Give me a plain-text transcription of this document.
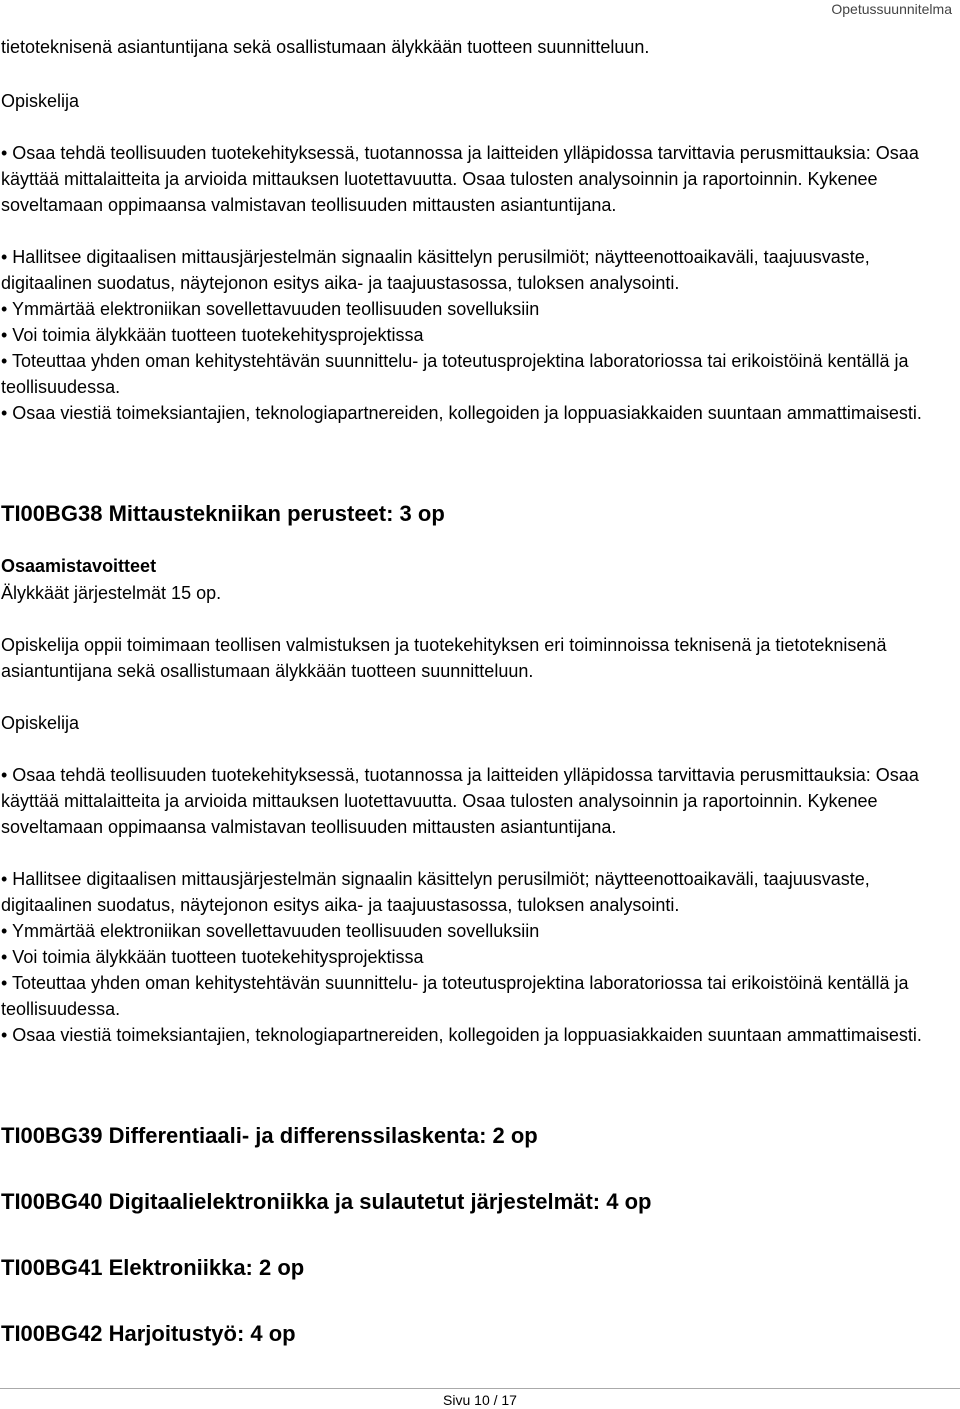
Opetussuunnitelma

tietoteknisenä asiantuntijana sekä osallistumaan älykkään tuotteen suunnitteluun.

Opiskelija

• Osaa tehdä teollisuuden tuotekehityksessä, tuotannossa ja laitteiden ylläpidossa tarvittavia perusmittauksia: Osaa käyttää mittalaitteita ja arvioida mittauksen luotettavuutta. Osaa tulosten analysoinnin ja raportoinnin. Kykenee soveltamaan oppimaansa valmistavan teollisuuden mittausten asiantuntijana.

• Hallitsee digitaalisen mittausjärjestelmän signaalin käsittelyn perusilmiöt; näytteenottoaikaväli, taajuusvaste, digitaalinen suodatus, näytejonon esitys aika- ja taajuustasossa, tuloksen analysointi.

• Ymmärtää elektroniikan sovellettavuuden teollisuuden sovelluksiin

• Voi toimia älykkään tuotteen tuotekehitysprojektissa

• Toteuttaa yhden oman kehitystehtävän suunnittelu- ja toteutusprojektina laboratoriossa tai erikoistöinä kentällä ja teollisuudessa.

• Osaa viestiä toimeksiantajien, teknologiapartnereiden, kollegoiden ja loppuasiakkaiden suuntaan ammattimaisesti.

TI00BG38 Mittaustekniikan perusteet: 3 op
Osaamistavoitteet

Älykkäät järjestelmät 15 op.

Opiskelija oppii toimimaan teollisen valmistuksen ja tuotekehityksen eri toiminnoissa teknisenä ja tietoteknisenä asiantuntijana sekä osallistumaan älykkään tuotteen suunnitteluun.

Opiskelija

• Osaa tehdä teollisuuden tuotekehityksessä, tuotannossa ja laitteiden ylläpidossa tarvittavia perusmittauksia: Osaa käyttää mittalaitteita ja arvioida mittauksen luotettavuutta. Osaa tulosten analysoinnin ja raportoinnin. Kykenee soveltamaan oppimaansa valmistavan teollisuuden mittausten asiantuntijana.

• Hallitsee digitaalisen mittausjärjestelmän signaalin käsittelyn perusilmiöt; näytteenottoaikaväli, taajuusvaste, digitaalinen suodatus, näytejonon esitys aika- ja taajuustasossa, tuloksen analysointi.

• Ymmärtää elektroniikan sovellettavuuden teollisuuden sovelluksiin

• Voi toimia älykkään tuotteen tuotekehitysprojektissa

• Toteuttaa yhden oman kehitystehtävän suunnittelu- ja toteutusprojektina laboratoriossa tai erikoistöinä kentällä ja teollisuudessa.

• Osaa viestiä toimeksiantajien, teknologiapartnereiden, kollegoiden ja loppuasiakkaiden suuntaan ammattimaisesti.

TI00BG39 Differentiaali- ja differenssilaskenta: 2 op
TI00BG40 Digitaalielektroniikka ja sulautetut järjestelmät: 4 op
TI00BG41 Elektroniikka: 2 op
TI00BG42 Harjoitustyö: 4 op
Sivu 10 / 17
